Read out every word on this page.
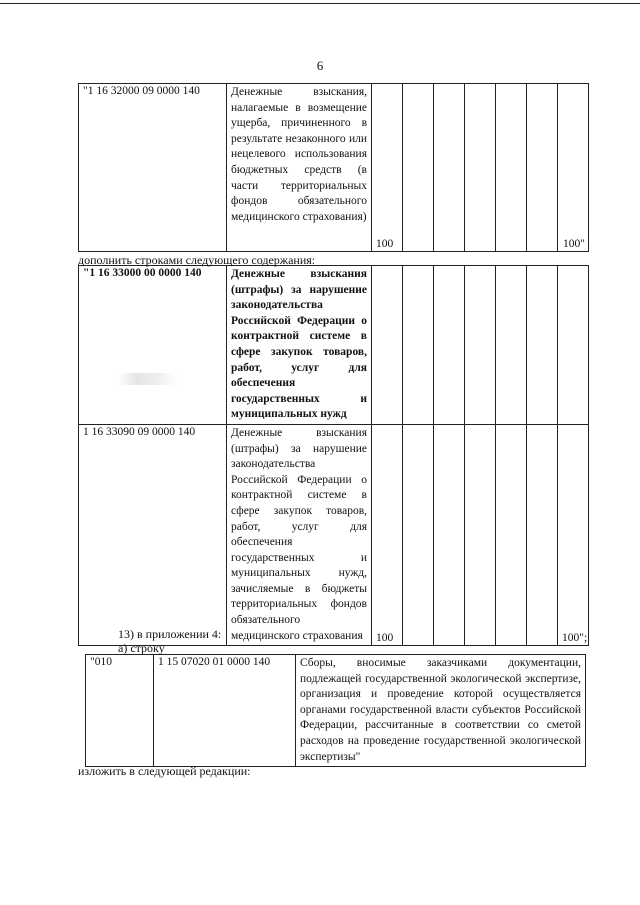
6
"1 16 32000 09 0000 140	Денежные взыскания, налагаемые в возмещение ущерба, причиненного в результате незаконного или нецелевого использования бюджетных средств (в части территориальных фондов обязательного медицинского страхования)	100						100"
дополнить строками следующего содержания:
"1 16 33000 00 0000 140	Денежные взыскания (штрафы) за нарушение законодательства Российской Федерации о контрактной системе в сфере закупок товаров, работ, услуг для обеспечения государственных и муниципальных нужд							
1 16 33090 09 0000 140	Денежные взыскания (штрафы) за нарушение законодательства Российской Федерации о контрактной системе в сфере закупок товаров, работ, услуг для обеспечения государственных и муниципальных нужд, зачисляемые в бюджеты территориальных фондов обязательного медицинского страхования	100						100";
13) в приложении 4:
а) строку
"010	1 15 07020 01 0000 140	Сборы, вносимые заказчиками документации, подлежащей государственной экологической экспертизе, организация и проведение которой осуществляется органами государственной власти субъектов Российской Федерации, рассчитанные в соответствии со сметой расходов на проведение государственной экологической экспертизы"
изложить в следующей редакции:
